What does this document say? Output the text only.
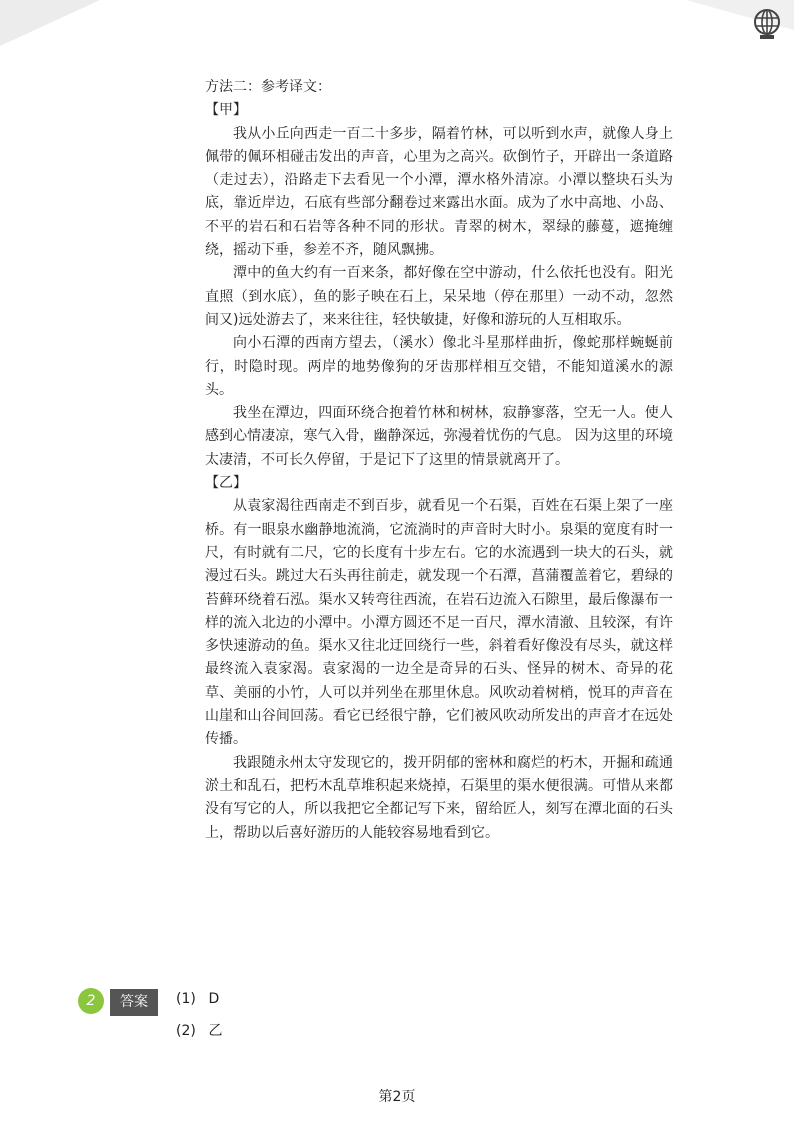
方法二：参考译文：

【甲】

我从小丘向西走一百二十多步，隔着竹林，可以听到水声，就像人身上佩带的佩环相碰击发出的声音，心里为之高兴。砍倒竹子，开辟出一条道路（走过去），沿路走下去看见一个小潭，潭水格外清凉。小潭以整块石头为底，靠近岸边，石底有些部分翻卷过来露出水面。成为了水中高地、小岛、不平的岩石和石岩等各种不同的形状。青翠的树木，翠绿的藤蔓，遮掩缠绕，摇动下垂，参差不齐，随风飘拂。

潭中的鱼大约有一百来条，都好像在空中游动，什么依托也没有。阳光直照（到水底），鱼的影子映在石上，呆呆地（停在那里）一动不动，忽然间又)远处游去了，来来往往，轻快敏捷，好像和游玩的人互相取乐。

向小石潭的西南方望去，（溪水）像北斗星那样曲折，像蛇那样蜿蜒前行，时隐时现。两岸的地势像狗的牙齿那样相互交错，不能知道溪水的源头。

我坐在潭边，四面环绕合抱着竹林和树林，寂静寥落，空无一人。使人感到心情凄凉，寒气入骨，幽静深远，弥漫着忧伤的气息。 因为这里的环境太凄清，不可长久停留，于是记下了这里的情景就离开了。

【乙】

从袁家渴往西南走不到百步，就看见一个石渠，百姓在石渠上架了一座桥。有一眼泉水幽静地流淌，它流淌时的声音时大时小。泉渠的宽度有时一尺，有时就有二尺，它的长度有十步左右。它的水流遇到一块大的石头，就漫过石头。跳过大石头再往前走，就发现一个石潭，菖蒲覆盖着它，碧绿的苔藓环绕着石泓。渠水又转弯往西流，在岩石边流入石隙里，最后像瀑布一样的流入北边的小潭中。小潭方圆还不足一百尺，潭水清澈、且较深，有许多快速游动的鱼。渠水又往北迂回绕行一些，斜着看好像没有尽头，就这样最终流入袁家渴。袁家渴的一边全是奇异的石头、怪异的树木、奇异的花草、美丽的小竹，人可以并列坐在那里休息。风吹动着树梢，悦耳的声音在山崖和山谷间回荡。看它已经很宁静，它们被风吹动所发出的声音才在远处传播。

我跟随永州太守发现它的，拨开阴郁的密林和腐烂的朽木，开掘和疏通淤土和乱石，把朽木乱草堆积起来烧掉，石渠里的渠水便很满。可惜从来都没有写它的人，所以我把它全都记写下来，留给匠人，刻写在潭北面的石头上，帮助以后喜好游历的人能较容易地看到它。

2	答案	(1) D
(2) 乙
第2页
